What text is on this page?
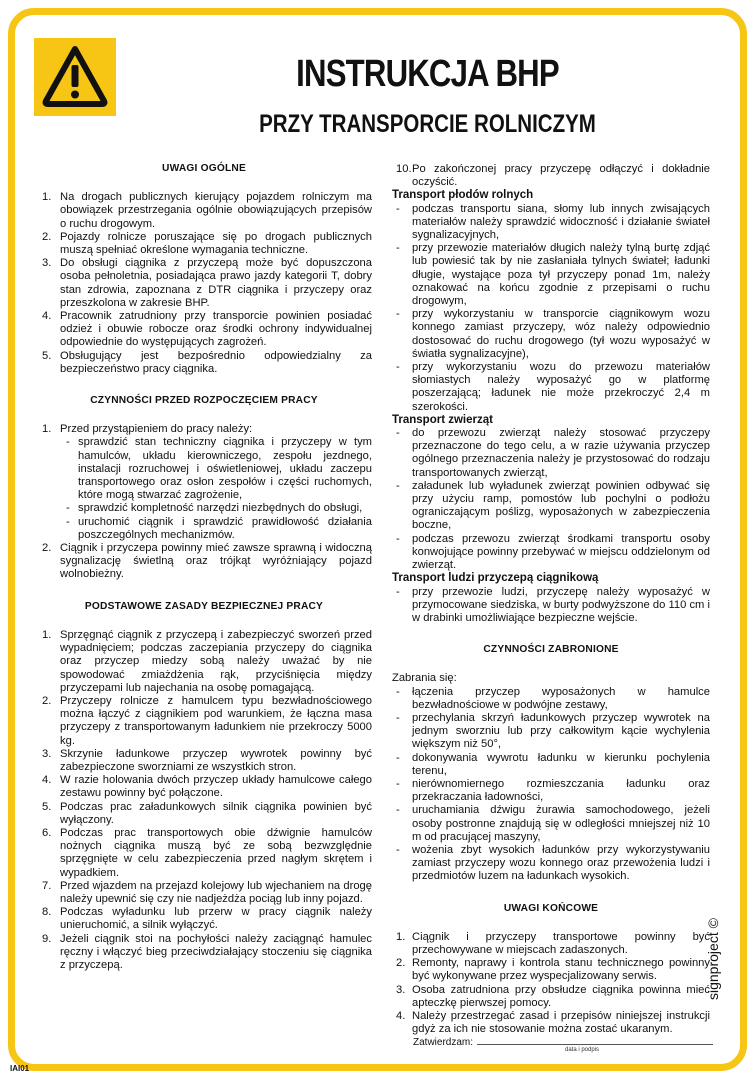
INSTRUKCJA BHP
PRZY TRANSPORCIE ROLNICZYM
UWAGI OGÓLNE
1. Na drogach publicznych kierujący pojazdem rolniczym ma obowiązek przestrzegania ogólnie obowiązujących przepisów o ruchu drogowym.
2. Pojazdy rolnicze poruszające się po drogach publicznych muszą spełniać określone wymagania techniczne.
3. Do obsługi ciągnika z przyczepą może być dopuszczona osoba pełnoletnia, posiadająca prawo jazdy kategorii T, dobry stan zdrowia, zapoznana z DTR ciągnika i przyczepy oraz przeszkolona w zakresie BHP.
4. Pracownik zatrudniony przy transporcie powinien posiadać odzież i obuwie robocze oraz środki ochrony indywidualnej odpowiednie do występujących zagrożeń.
5. Obsługujący jest bezpośrednio odpowiedzialny za bezpieczeństwo pracy ciągnika.
CZYNNOŚCI PRZED ROZPOCZĘCIEM PRACY
1. Przed przystąpieniem do pracy należy:
- sprawdzić stan techniczny ciągnika i przyczepy w tym hamulców, układu kierowniczego, zespołu jezdnego, instalacji rozruchowej i oświetleniowej, układu zaczepu transportowego oraz osłon zespołów i części ruchomych, które mogą stwarzać zagrożenie,
- sprawdzić kompletność narzędzi niezbędnych do obsługi,
- uruchomić ciągnik i sprawdzić prawidłowość działania poszczególnych mechanizmów.
2. Ciągnik i przyczepa powinny mieć zawsze sprawną i widoczną sygnalizację świetlną oraz trójkąt wyróżniający pojazd wolnobieżny.
PODSTAWOWE ZASADY BEZPIECZNEJ PRACY
1. Sprzęgnąć ciągnik z przyczepą i zabezpieczyć sworzeń przed wypadnięciem; podczas zaczepiania przyczepy do ciągnika oraz przyczep miedzy sobą należy uważać by nie spowodować zmiażdżenia rąk, przyciśnięcia między przyczepami lub najechania na osobę pomagającą.
2. Przyczepy rolnicze z hamulcem typu bezwładnościowego można łączyć z ciągnikiem pod warunkiem, że łączna masa przyczepy z transportowanym ładunkiem nie przekroczy 5000 kg.
3. Skrzynie ładunkowe przyczep wywrotek powinny być zabezpieczone sworzniami ze wszystkich stron.
4. W razie holowania dwóch przyczep układy hamulcowe całego zestawu powinny być połączone.
5. Podczas prac załadunkowych silnik ciągnika powinien być wyłączony.
6. Podczas prac transportowych obie dźwignie hamulców nożnych ciągnika muszą być ze sobą bezwzględnie sprzęgnięte w celu zabezpieczenia przed nagłym skrętem i wypadkiem.
7. Przed wjazdem na przejazd kolejowy lub wjechaniem na drogę należy upewnić się czy nie nadjeżdża pociąg lub inny pojazd.
8. Podczas wyładunku lub przerw w pracy ciągnik należy unieruchomić, a silnik wyłączyć.
9. Jeżeli ciągnik stoi na pochyłości należy zaciągnąć hamulec ręczny i włączyć bieg przeciwdziałający stoczeniu się ciągnika z przyczepą.
10. Po zakończonej pracy przyczepę odłączyć i dokładnie oczyścić.
Transport płodów rolnych
- podczas transportu siana, słomy lub innych zwisających materiałów należy sprawdzić widoczność i działanie świateł sygnalizacyjnych,
- przy przewozie materiałów długich należy tylną burtę zdjąć lub powiesić tak by nie zasłaniała tylnych świateł; ładunki długie, wystające poza tył przyczepy ponad 1m, należy oznakować na końcu zgodnie z przepisami o ruchu drogowym,
- przy wykorzystaniu w transporcie ciągnikowym wozu konnego zamiast przyczepy, wóz należy odpowiednio dostosować do ruchu drogowego (tył wozu wyposażyć w światła sygnalizacyjne),
- przy wykorzystaniu wozu do przewozu materiałów słomiastych należy wyposażyć go w platformę poszerzającą; ładunek nie może przekroczyć 2,4 m szerokości.
Transport zwierząt
- do przewozu zwierząt należy stosować przyczepy przeznaczone do tego celu, a w razie używania przyczep ogólnego przeznaczenia należy je przystosować do rodzaju transportowanych zwierząt,
- załadunek lub wyładunek zwierząt powinien odbywać się przy użyciu ramp, pomostów lub pochylni o podłożu ograniczającym poślizg, wyposażonych w zabezpieczenia boczne,
- podczas przewozu zwierząt środkami transportu osoby konwojujące powinny przebywać w miejscu oddzielonym od zwierząt.
Transport ludzi przyczepą ciągnikową
- przy przewozie ludzi, przyczepę należy wyposażyć w przymocowane siedziska, w burty podwyższone do 110 cm i w drabinki umożliwiające bezpieczne wejście.
CZYNNOŚCI ZABRONIONE
Zabrania się:
- łączenia przyczep wyposażonych w hamulce bezwładnościowe w podwójne zestawy,
- przechylania skrzyń ładunkowych przyczep wywrotek na jednym sworzniu lub przy całkowitym kącie wychylenia większym niż 50°,
- dokonywania wywrotu ładunku w kierunku pochylenia terenu,
- nierównomiernego rozmieszczania ładunku oraz przekraczania ładowności,
- uruchamiania dźwigu żurawia samochodowego, jeżeli osoby postronne znajdują się w odległości mniejszej niż 10 m od pracującej maszyny,
- wożenia zbyt wysokich ładunków przy wykorzystywaniu zamiast przyczepy wozu konnego oraz przewożenia ludzi i przedmiotów luzem na ładunkach wysokich.
UWAGI KOŃCOWE
1. Ciągnik i przyczepy transportowe powinny być przechowywane w miejscach zadaszonych.
2. Remonty, naprawy i kontrola stanu technicznego powinny być wykonywane przez wyspecjalizowany serwis.
3. Osoba zatrudniona przy obsłudze ciągnika powinna mieć apteczkę pierwszej pomocy.
4. Należy przestrzegać zasad i przepisów niniejszej instrukcji gdyż za ich nie stosowanie można zostać ukaranym.
Zatwierdzam:
data i podpis
IAI01
signproject ©
